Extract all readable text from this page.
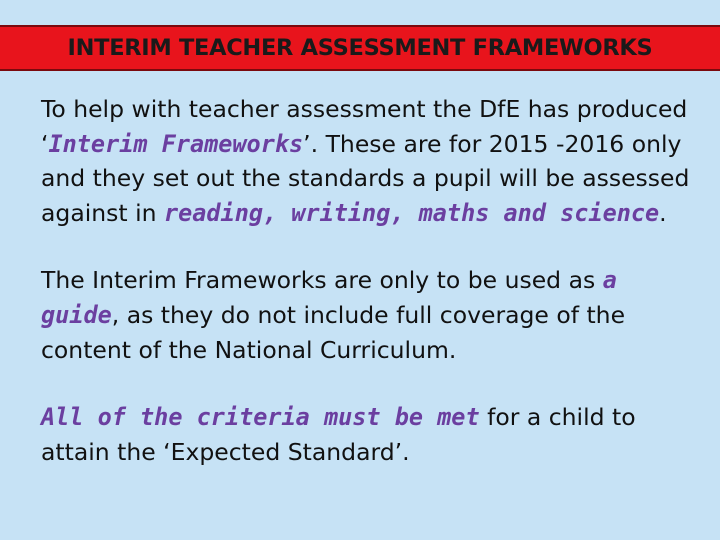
INTERIM TEACHER ASSESSMENT FRAMEWORKS

To help with teacher assessment the DfE has produced ‘Interim Frameworks’. These are for 2015 -2016 only and they set out the standards a pupil will be assessed against in reading, writing, maths and science.

The Interim Frameworks are only to be used as a guide, as they do not include full coverage of the content of the National Curriculum.

All of the criteria must be met for a child to attain the ‘Expected Standard’.
